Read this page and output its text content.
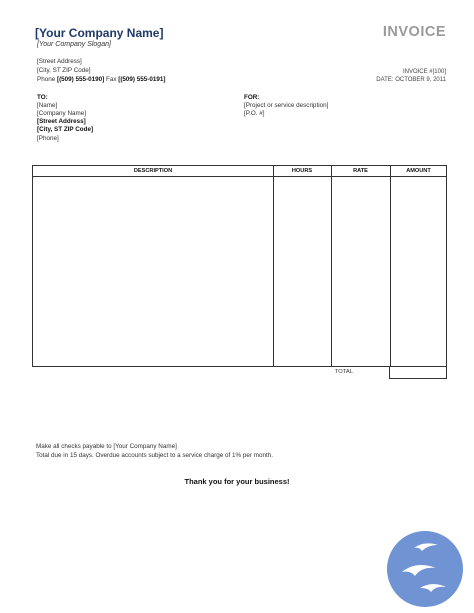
[Your Company Name]
[Your Company Slogan]
[Street Address]
[City, ST ZIP Code]
Phone [(509) 555-0190] Fax [(509) 555-0191]
INVOICE
INVOICE #[100]
DATE: OCTOBER 9, 2011
TO:
[Name]
[Company Name]
[Street Address]
[City, ST ZIP Code]
[Phone]
FOR:
[Project or service description]
[P.O. #]
DESCRIPTION	HOURS	RATE	AMOUNT
TOTAL
Make all checks payable to [Your Company Name]
Total due in 15 days. Overdue accounts subject to a service charge of 1% per month.
Thank you for your business!
